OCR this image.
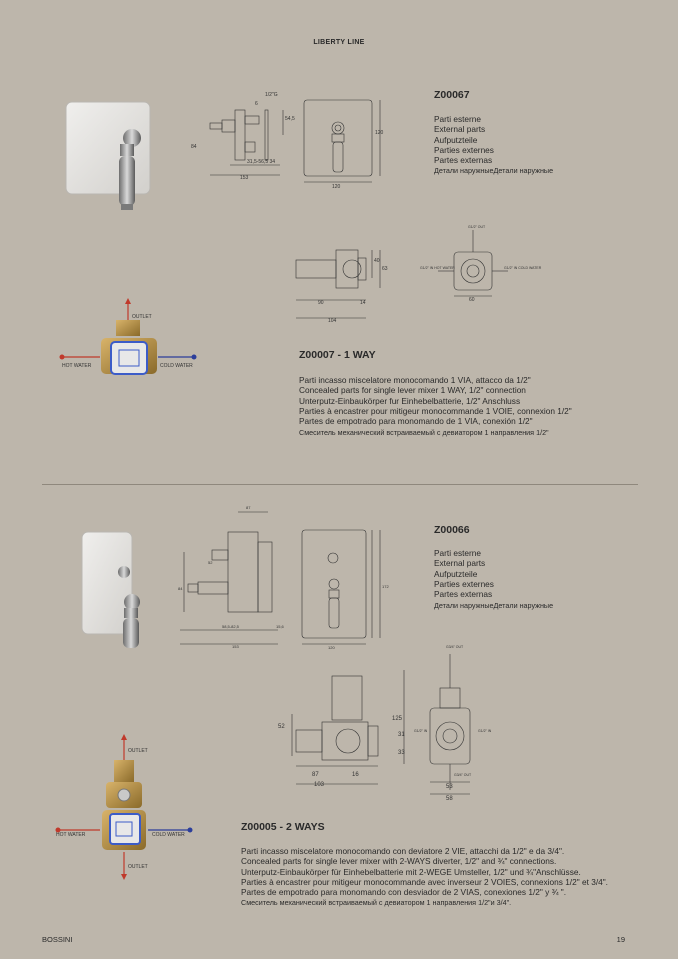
LIBERTY LINE
1/2"G
6
54,5
84
31,5-56,5 34
153
120
120
Z00067
Parti esterne
External parts
Aufputzteile
Parties externes
Partes externas
Детали наружныеДетали наружные
40
63
90	14
104
60
G1/2" OUT
G1/2" IN HOT WATER	G1/2" IN COLD WATER
OUTLET
HOT WATER	COLD WATER
Z00007 - 1 WAY
Parti incasso miscelatore monocomando 1 VIA, attacco da 1/2"
Concealed parts for single lever mixer 1 WAY, 1/2" connection
Unterputz-Einbaukörper fur Einhebelbatterie, 1/2" Anschluss
Parties à encastrer pour mitigeur monocommande 1 VOIE, connexion 1/2"
Partes de empotrado para monomando de 1 VIA, conexión 1/2"
Смеситель механический встраиваемый с девиатором 1 направления 1/2"
87
52
84
58,5-82,5	15,6
153	120
172
Z00066
Parti esterne
External parts
Aufputzteile
Parties externes
Partes externas
Детали наружныеДетали наружные
52
87	16
103
125
31
33
53
58
G3/4" OUT
G1/2" IN	G1/2" IN
G3/4" OUT
OUTLET
HOT WATER	COLD WATER
OUTLET
Z00005 - 2 WAYS
Parti incasso miscelatore monocomando con deviatore 2 VIE, attacchi da 1/2" e da 3/4".
Concealed parts for single lever mixer with 2-WAYS diverter, 1/2" and ¾" connections.
Unterputz-Einbaukörper für Einhebelbatterie mit 2-WEGE Umsteller, 1/2" und ¾"Anschlüsse.
Parties à encastrer pour mitigeur monocommande avec inverseur 2 VOIES, connexions 1/2" et 3/4".
Partes de empotrado para monomando con desviador de 2 VIAS, conexiones 1/2" y ¾ ".
Смеситель механический встраиваемый с девиатором 1 направления 1/2"и 3/4".
BOSSINI	19
